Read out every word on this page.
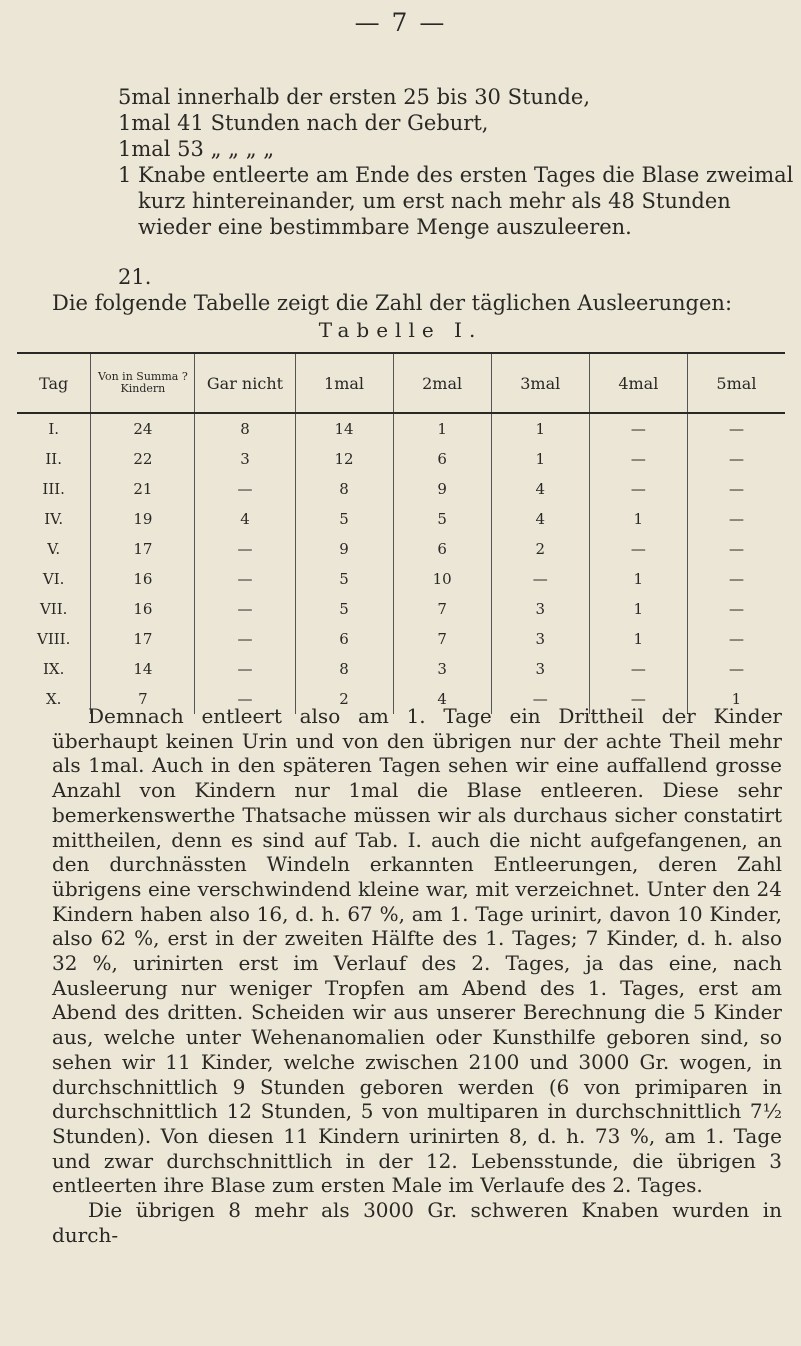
— 7 —
5mal innerhalb der ersten 25 bis 30 Stunde,
1mal 41 Stunden nach der Geburt,
1mal 53 „ „ „ „
1 Knabe entleerte am Ende des ersten Tages die Blase zweimal
kurz hintereinander, um erst nach mehr als 48 Stunden
wieder eine bestimmbare Menge auszuleeren.
21.
Die folgende Tabelle zeigt die Zahl der täglichen Ausleerungen:
Tabelle I.
Tag	Von in Summa ? Kindern	Gar nicht	1mal	2mal	3mal	4mal	5mal
I.	24	8	14	1	1	—	—
II.	22	3	12	6	1	—	—
III.	21	—	8	9	4	—	—
IV.	19	4	5	5	4	1	—
V.	17	—	9	6	2	—	—
VI.	16	—	5	10	—	1	—
VII.	16	—	5	7	3	1	—
VIII.	17	—	6	7	3	1	—
IX.	14	—	8	3	3	—	—
X.	7	—	2	4	—	—	1

Demnach entleert also am 1. Tage ein Drittheil der Kinder überhaupt keinen Urin und von den übrigen nur der achte Theil mehr als 1mal. Auch in den späteren Tagen sehen wir eine auffallend grosse Anzahl von Kindern nur 1mal die Blase entleeren. Diese sehr bemerkenswerthe Thatsache müssen wir als durchaus sicher constatirt mittheilen, denn es sind auf Tab. I. auch die nicht aufgefangenen, an den durchnässten Windeln erkannten Entleerungen, deren Zahl übrigens eine verschwindend kleine war, mit verzeichnet. Unter den 24 Kindern haben also 16, d. h. 67 %, am 1. Tage urinirt, davon 10 Kinder, also 62 %, erst in der zweiten Hälfte des 1. Tages; 7 Kinder, d. h. also 32 %, urinirten erst im Verlauf des 2. Tages, ja das eine, nach Ausleerung nur weniger Tropfen am Abend des 1. Tages, erst am Abend des dritten. Scheiden wir aus unserer Berechnung die 5 Kinder aus, welche unter Wehenanomalien oder Kunsthilfe geboren sind, so sehen wir 11 Kinder, welche zwischen 2100 und 3000 Gr. wogen, in durchschnittlich 9 Stunden geboren werden (6 von primiparen in durchschnittlich 12 Stunden, 5 von multiparen in durchschnittlich 7½ Stunden). Von diesen 11 Kindern urinirten 8, d. h. 73 %, am 1. Tage und zwar durchschnittlich in der 12. Lebensstunde, die übrigen 3 entleerten ihre Blase zum ersten Male im Verlaufe des 2. Tages.

Die übrigen 8 mehr als 3000 Gr. schweren Knaben wurden in durch-
